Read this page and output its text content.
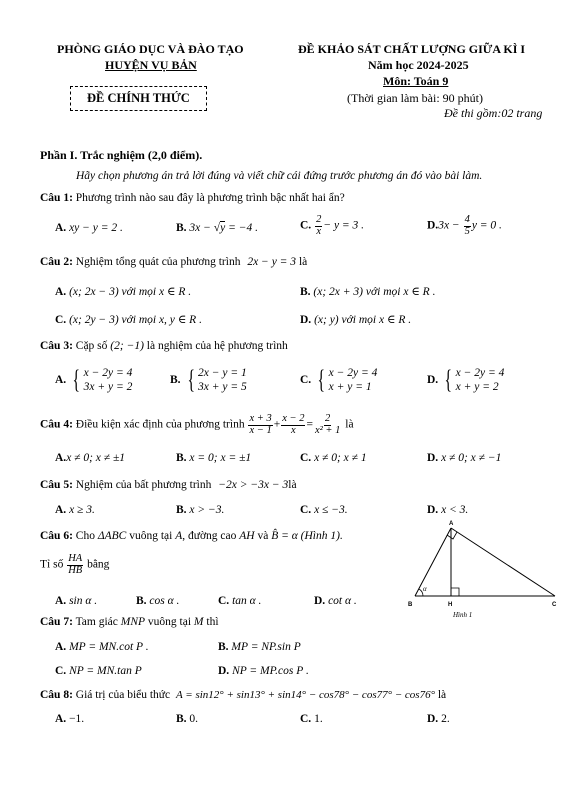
PHÒNG GIÁO DỤC VÀ ĐÀO TẠO
HUYỆN VỤ BẢN
ĐỀ CHÍNH THỨC
ĐỀ KHẢO SÁT CHẤT LƯỢNG GIỮA KÌ I
Năm học 2024-2025
Môn: Toán 9
(Thời gian làm bài: 90 phút)
Đề thi gồm:02 trang
Phần I. Trắc nghiệm (2,0 điểm).
Hãy chọn phương án trả lời đúng và viết chữ cái đứng trước phương án đó vào bài làm.
Câu 1: Phương trình nào sau đây là phương trình bậc nhất hai ẩn?
A. xy − y = 2 .	B. 3x − √y = −4 .	C. $\frac{2}{x} - y = 3$ .	$D.3x - \frac{4}{5}$ y = 0 .
Câu 2: Nghiệm tổng quát của phương trình 2x − y = 3 là
A. (x; 2x − 3) với mọi x ∈ R .	B. (x; 2x + 3) với mọi x ∈ R .
C. (x; 2y − 3) với mọi x, y ∈ R .	D. (x; y) với mọi x ∈ R .
Câu 3: Cặp số (2; −1) là nghiệm của hệ phương trình
A. { x − 2y = 4
3x + y = 2
B. { 2x − y = 1
3x + y = 5
C. { x − 2y = 4
x + y = 1
D. { x − 2y = 4
x + y = 2
Câu 4: Điều kiện xác định của phương trình $\frac{x + 3}{x - 1} + \frac{x - 2}{x} = \frac{2}{\text{x² + 1}}$ là
A.x ≠ 0; x ≠ ±1	B. x = 0; x = ±1	C. x ≠ 0; x ≠ 1	D. x ≠ 0; x ≠ −1
Câu 5: Nghiệm của bất phương trình −2x > −3x − 3là
A. x ≥ 3.	B. x > −3.	C. x ≤ −3.	D. x < 3.
Câu 6: Cho ΔABC vuông tại A, đường cao AH và B̂ = α (Hình 1).
Tỉ số $\frac{HA}{HB}$ bằng
A. sin α .	B. cos α .	C. tan α .	D. cot α .
A
B	H	C
α
Hình 1
Câu 7: Tam giác MNP vuông tại M thì
A. MP = MN.cot P .	B. MP = NP.sin P
C. NP = MN.tan P	D. NP = MP.cos P .
Câu 8: Giá trị của biểu thức A = sin12° + sin13° + sin14° − cos78° − cos77° − cos76° là
A. −1.	B. 0.	C. 1.	D. 2.
